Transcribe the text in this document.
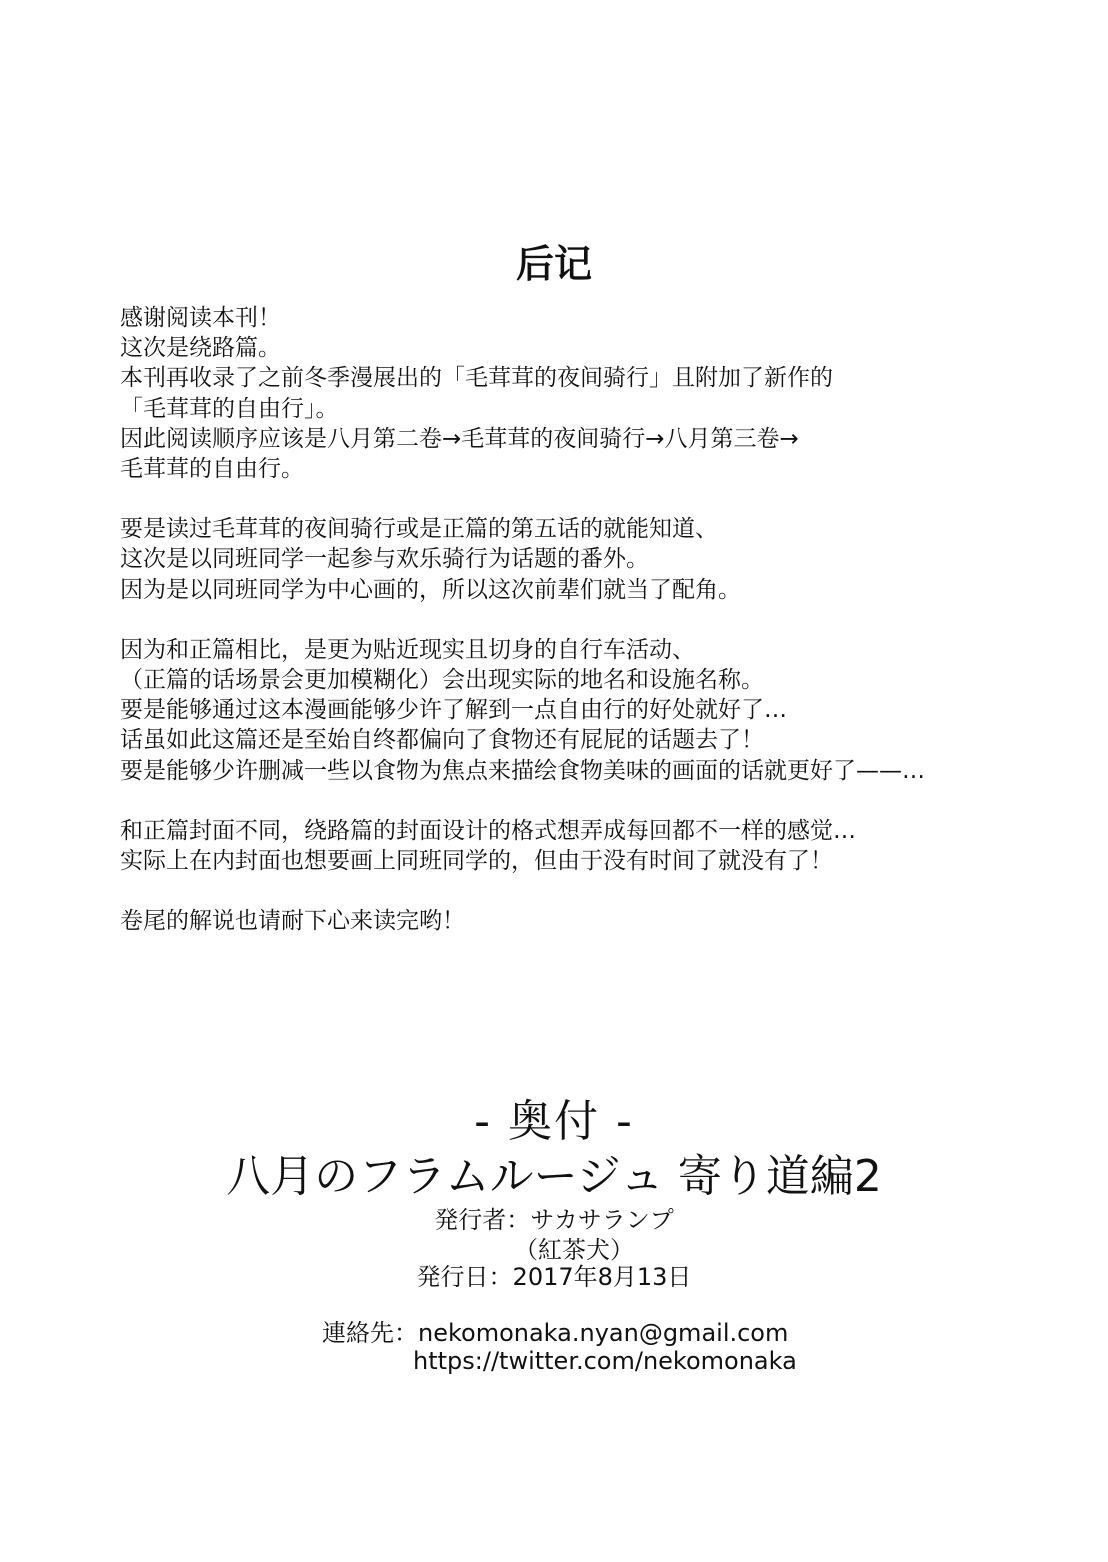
后记
感谢阅读本刊！
这次是绕路篇。
本刊再收录了之前冬季漫展出的「毛茸茸的夜间骑行」且附加了新作的
「毛茸茸的自由行」。
因此阅读顺序应该是八月第二卷→毛茸茸的夜间骑行→八月第三卷→
毛茸茸的自由行。
要是读过毛茸茸的夜间骑行或是正篇的第五话的就能知道、
这次是以同班同学一起参与欢乐骑行为话题的番外。
因为是以同班同学为中心画的，所以这次前辈们就当了配角。
因为和正篇相比，是更为贴近现实且切身的自行车活动、
（正篇的话场景会更加模糊化）会出现实际的地名和设施名称。
要是能够通过这本漫画能够少许了解到一点自由行的好处就好了…
话虽如此这篇还是至始自终都偏向了食物还有屁屁的话题去了！
要是能够少许删减一些以食物为焦点来描绘食物美味的画面的话就更好了——…
和正篇封面不同，绕路篇的封面设计的格式想弄成每回都不一样的感觉…
实际上在内封面也想要画上同班同学的，但由于没有时间了就没有了！
卷尾的解说也请耐下心来读完哟！
- 奥付 -
八月のフラムルージュ 寄り道編2
発行者：サカサランプ
（紅茶犬）
発行日：2017年8月13日
連絡先：nekomonaka.nyan@gmail.com
https://twitter.com/nekomonaka
